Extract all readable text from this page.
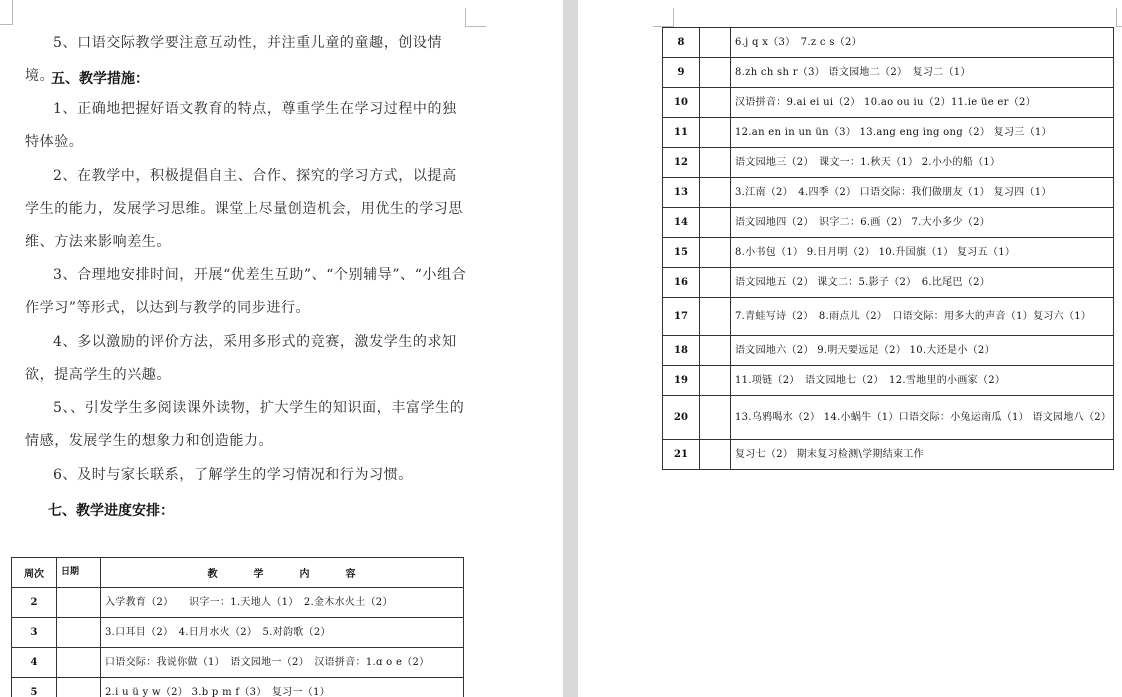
5、口语交际教学要注意互动性，并注重儿童的童趣，创设情境。

五、教学措施：

1、正确地把握好语文教育的特点，尊重学生在学习过程中的独特体验。

2、在教学中，积极提倡自主、合作、探究的学习方式，以提高学生的能力，发展学习思维。课堂上尽量创造机会，用优生的学习思维、方法来影响差生。

3、合理地安排时间，开展“优差生互助”、“个别辅导”、“小组合作学习”等形式，以达到与教学的同步进行。

4、多以激励的评价方法，采用多形式的竞赛，激发学生的求知欲，提高学生的兴趣。

5、、引发学生多阅读课外读物，扩大学生的知识面，丰富学生的情感，发展学生的想象力和创造能力。

6、及时与家长联系，了解学生的学习情况和行为习惯。

七、教学进度安排：

周次	日期	教 学 内 容
2		入学教育（2）　　识字一：1.天地人（1）　2.金木水火土（2）
3		3.口耳目（2）　4.日月水火（2）　5.对韵歌（2）
4		口语交际：我说你做（1）　语文园地一（2）　汉语拼音：1.ɑ o e（2）
5		2.i u ü y w（2） 3.b p m f（3）　复习一（1）
8		6.j q x（3）　7.z c s（2）
9		8.zh ch sh r（3） 语文园地二（2）　复习二（1）
10		汉语拼音：9.ai ei ui（2） 10.ao ou iu（2）11.ie üe er（2）
11		12.an en in un ün（3） 13.ang eng ing ong（2） 复习三（1）
12		语文园地三（2）　课文一：1.秋天（1） 2.小小的船（1）
13		3.江南（2）　4.四季（2） 口语交际：我们做朋友（1） 复习四（1）
14		语文园地四（2）　识字二：6.画（2） 7.大小多少（2）
15		8.小书包（1） 9.日月明（2） 10.升国旗（1） 复习五（1）
16		语文园地五（2） 课文二：5.影子（2）　6.比尾巴（2）
17		7.青蛙写诗（2）　8.雨点儿（2）　口语交际：用多大的声音（1）复习六（1）
18		语文园地六（2） 9.明天要远足（2） 10.大还是小（2）
19		11.项链（2）　语文园地七（2）　12.雪地里的小画家（2）
20		13.乌鸦喝水（2） 14.小蜗牛（1）口语交际：小兔运南瓜（1） 语文园地八（2）
21		复习七（2） 期末复习检测\学期结束工作
